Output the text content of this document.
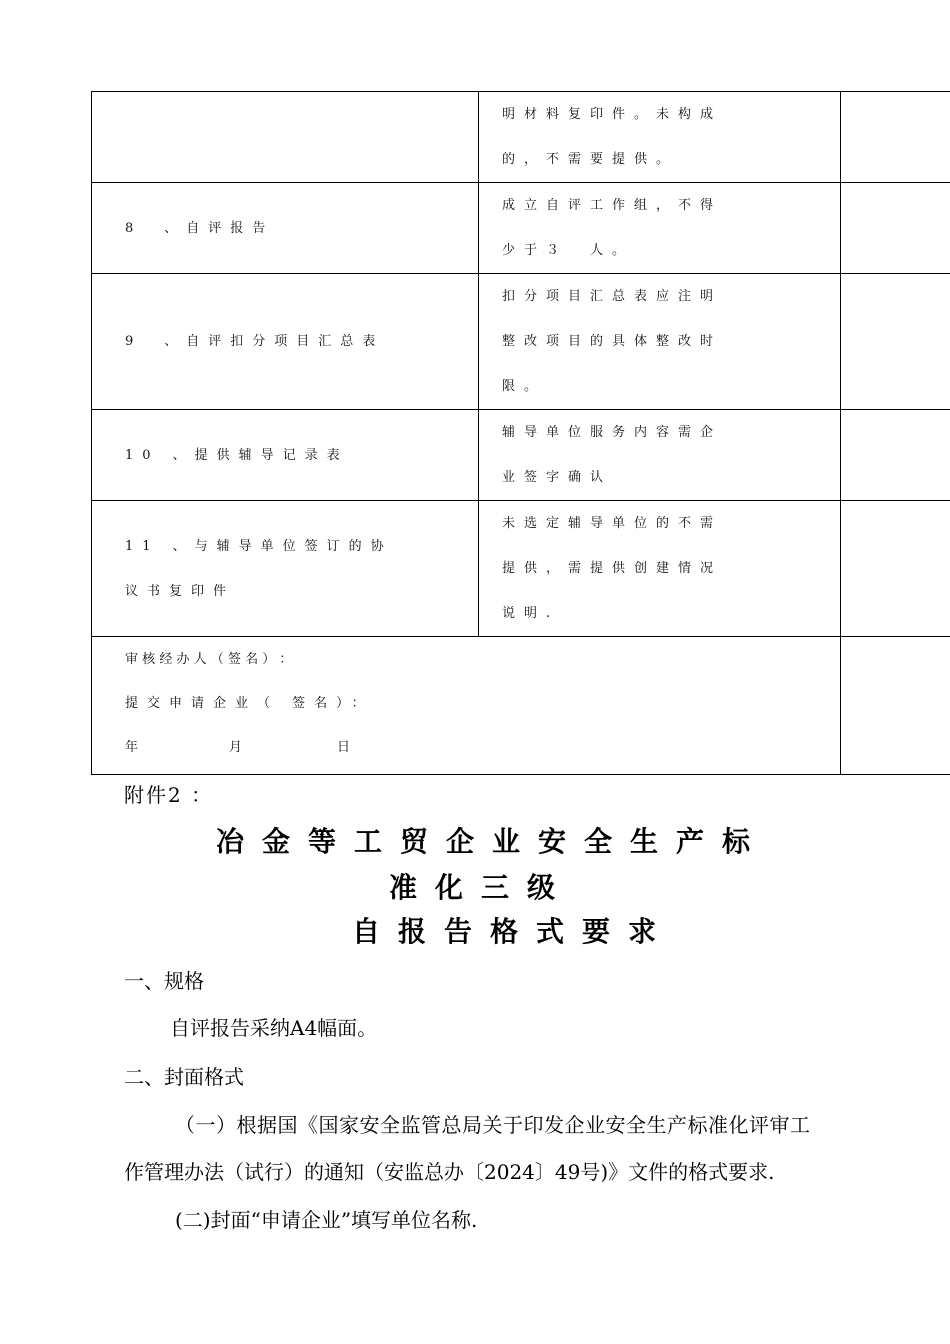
	明材料复印件。未构成
的，不需要提供。	

8　、自评报告	成立自评工作组，不得
少于３　人。	

9　、自评扣分项目汇总表	扣分项目汇总表应注明
整改项目的具体整改时
限。	

10 、提供辅导记录表	辅导单位服务内容需企
业签字确认	

11 、与辅导单位签订的协
议书复印件	未选定辅导单位的不需
提供，需提供创建情况
说明.	

审 核 经 办 人 （ 签 名 ） ：
提交申请企业（ 签名）：
年 月 日		

附件2 ：
冶金等工贸企业安全生产标
准化三级
自报告格式要求
一、规格
自评报告采纳A4幅面。
二、封面格式
（一）根据国《国家安全监管总局关于印发企业安全生产标准化评审工
作管理办法（试行）的通知（安监总办〔2024〕49号)》文件的格式要求.
(二)封面“申请企业”填写单位名称.
